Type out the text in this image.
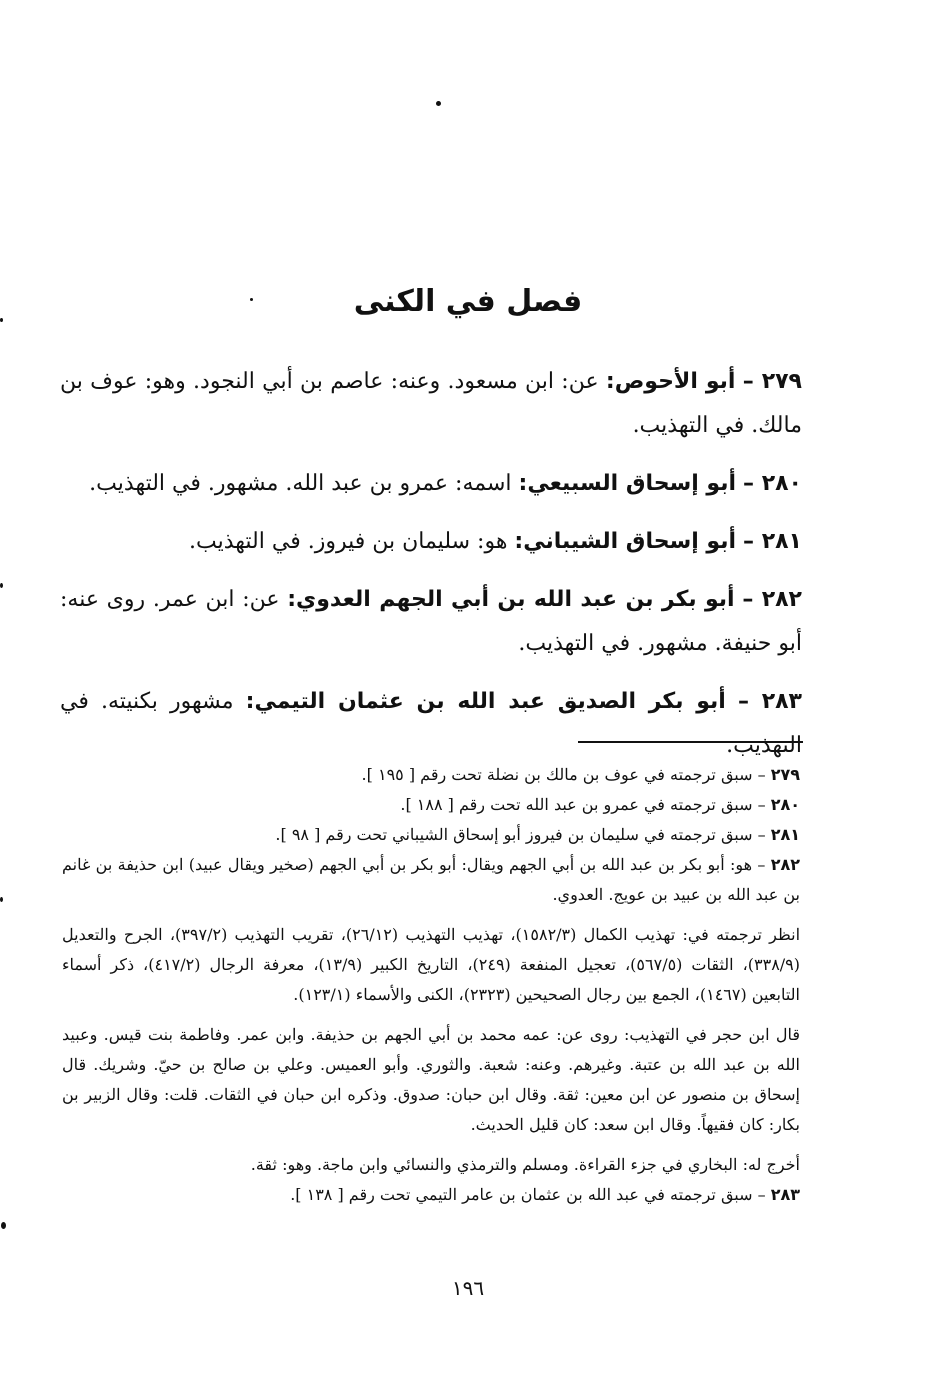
فصل في الكنى

٢٧٩ – أبو الأحوص: عن: ابن مسعود. وعنه: عاصم بن أبي النجود. وهو: عوف بن مالك. في التهذيب.

٢٨٠ – أبو إسحاق السبيعي: اسمه: عمرو بن عبد الله. مشهور. في التهذيب.

٢٨١ – أبو إسحاق الشيباني: هو: سليمان بن فيروز. في التهذيب.

٢٨٢ – أبو بكر بن عبد الله بن أبي الجهم العدوي: عن: ابن عمر. روى عنه: أبو حنيفة. مشهور. في التهذيب.

٢٨٣ – أبو بكر الصديق عبد الله بن عثمان التيمي: مشهور بكنيته. في التهذيب.

٢٧٩ – سبق ترجمته في عوف بن مالك بن نضلة تحت رقم [ ١٩٥ ].

٢٨٠ – سبق ترجمته في عمرو بن عبد الله تحت رقم [ ١٨٨ ].

٢٨١ – سبق ترجمته في سليمان بن فيروز أبو إسحاق الشيباني تحت رقم [ ٩٨ ].

٢٨٢ – هو: أبو بكر بن عبد الله بن أبي الجهم ويقال: أبو بكر بن أبي الجهم (صخير ويقال عبيد) ابن حذيفة بن غانم بن عبد الله بن عبيد بن عويج. العدوي.

انظر ترجمته في: تهذيب الكمال (١٥٨٢/٣)، تهذيب التهذيب (٢٦/١٢)، تقريب التهذيب (٣٩٧/٢)، الجرح والتعديل (٣٣٨/٩)، الثقات (٥٦٧/٥)، تعجيل المنفعة (٢٤٩)، التاريخ الكبير (١٣/٩)، معرفة الرجال (٤١٧/٢)، ذكر أسماء التابعين (١٤٦٧)، الجمع بين رجال الصحيحين (٢٣٢٣)، الكنى والأسماء (١٢٣/١).

قال ابن حجر في التهذيب: روى عن: عمه محمد بن أبي الجهم بن حذيفة. وابن عمر. وفاطمة بنت قيس. وعبيد الله بن عبد الله بن عتبة. وغيرهم. وعنه: شعبة. والثوري. وأبو العميس. وعلي بن صالح بن حيّ. وشريك. قال إسحاق بن منصور عن ابن معين: ثقة. وقال ابن حبان: صدوق. وذكره ابن حبان في الثقات. قلت: وقال الزبير بن بكار: كان فقيهاً. وقال ابن سعد: كان قليل الحديث.

أخرج له: البخاري في جزء القراءة. ومسلم والترمذي والنسائي وابن ماجة. وهو: ثقة.

٢٨٣ – سبق ترجمته في عبد الله بن عثمان بن عامر التيمي تحت رقم [ ١٣٨ ].

١٩٦
